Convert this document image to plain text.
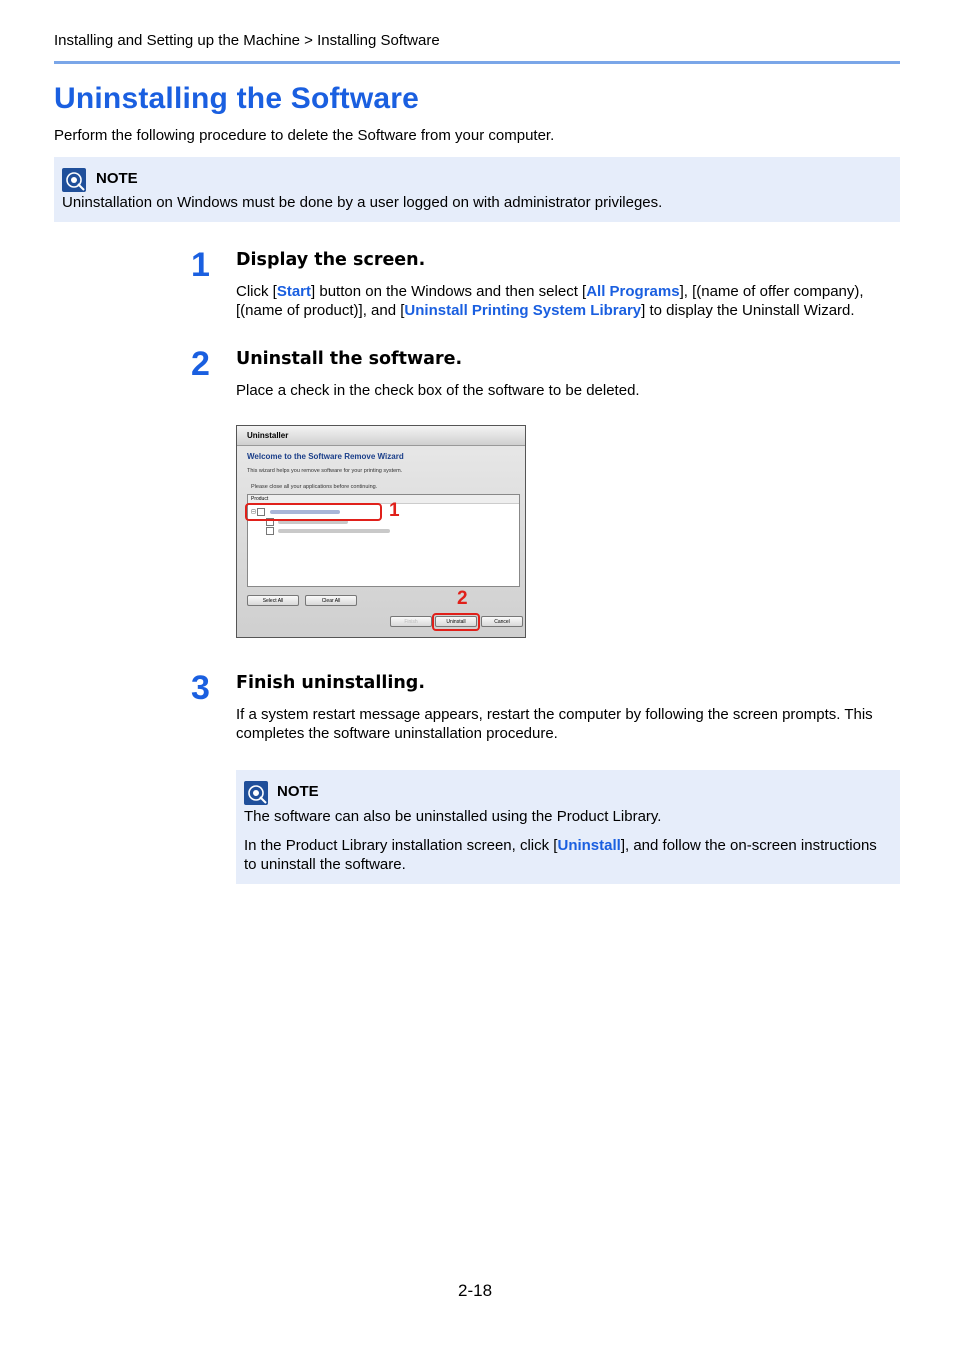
Installing and Setting up the Machine > Installing Software
Uninstalling the Software
Perform the following procedure to delete the Software from your computer.
NOTE
Uninstallation on Windows must be done by a user logged on with administrator privileges.
1 Display the screen.
Click [Start] button on the Windows and then select [All Programs], [(name of offer company), [(name of product)], and [Uninstall Printing System Library] to display the Uninstall Wizard.
2 Uninstall the software.
Place a check in the check box of the software to be deleted.
Uninstaller
Welcome to the Software Remove Wizard
This wizard helps you remove software for your printing system.
Please close all your applications before continuing.
Product
⊟

Select All	Clear All
Finish	Uninstall	Cancel
1
2
3 Finish uninstalling.
If a system restart message appears, restart the computer by following the screen prompts. This completes the software uninstallation procedure.
NOTE
The software can also be uninstalled using the Product Library.
In the Product Library installation screen, click [Uninstall], and follow the on-screen instructions to uninstall the software.
2-18
